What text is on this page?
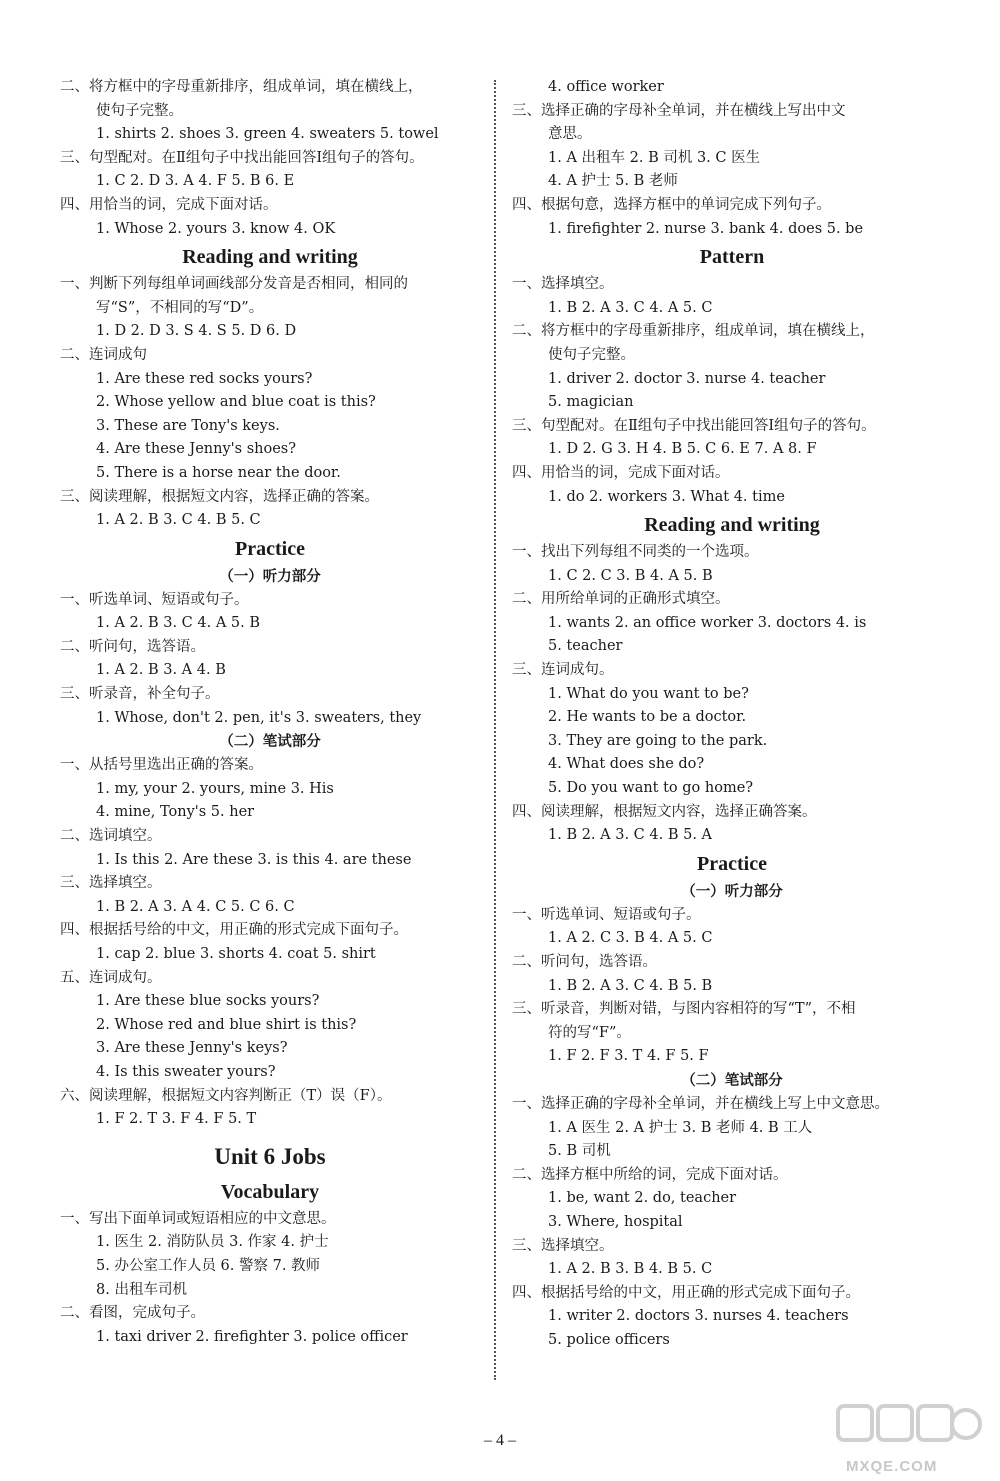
二、将方框中的字母重新排序，组成单词，填在横线上，
使句子完整。
1. shirts 2. shoes 3. green 4. sweaters 5. towel
三、句型配对。在Ⅱ组句子中找出能回答Ⅰ组句子的答句。
1. C 2. D 3. A 4. F 5. B 6. E
四、用恰当的词，完成下面对话。
1. Whose 2. yours 3. know 4. OK
Reading and writing
一、判断下列每组单词画线部分发音是否相同，相同的
写“S”，不相同的写“D”。
1. D 2. D 3. S 4. S 5. D 6. D
二、连词成句
1. Are these red socks yours?
2. Whose yellow and blue coat is this?
3. These are Tony's keys.
4. Are these Jenny's shoes?
5. There is a horse near the door.
三、阅读理解，根据短文内容，选择正确的答案。
1. A 2. B 3. C 4. B 5. C
Practice
（一）听力部分
一、听选单词、短语或句子。
1. A 2. B 3. C 4. A 5. B
二、听问句，选答语。
1. A 2. B 3. A 4. B
三、听录音，补全句子。
1. Whose, don't 2. pen, it's 3. sweaters, they
（二）笔试部分
一、从括号里选出正确的答案。
1. my, your 2. yours, mine 3. His
4. mine, Tony's 5. her
二、选词填空。
1. Is this 2. Are these 3. is this 4. are these
三、选择填空。
1. B 2. A 3. A 4. C 5. C 6. C
四、根据括号给的中文，用正确的形式完成下面句子。
1. cap 2. blue 3. shorts 4. coat 5. shirt
五、连词成句。
1. Are these blue socks yours?
2. Whose red and blue shirt is this?
3. Are these Jenny's keys?
4. Is this sweater yours?
六、阅读理解，根据短文内容判断正（T）误（F）。
1. F 2. T 3. F 4. F 5. T
Unit 6 Jobs
Vocabulary
一、写出下面单词或短语相应的中文意思。
1. 医生 2. 消防队员 3. 作家 4. 护士
5. 办公室工作人员 6. 警察 7. 教师
8. 出租车司机
二、看图，完成句子。
1. taxi driver 2. firefighter 3. police officer
4. office worker
三、选择正确的字母补全单词，并在横线上写出中文
意思。
1. A 出租车 2. B 司机 3. C 医生
4. A 护士 5. B 老师
四、根据句意，选择方框中的单词完成下列句子。
1. firefighter 2. nurse 3. bank 4. does 5. be
Pattern
一、选择填空。
1. B 2. A 3. C 4. A 5. C
二、将方框中的字母重新排序，组成单词，填在横线上，
使句子完整。
1. driver 2. doctor 3. nurse 4. teacher
5. magician
三、句型配对。在Ⅱ组句子中找出能回答Ⅰ组句子的答句。
1. D 2. G 3. H 4. B 5. C 6. E 7. A 8. F
四、用恰当的词，完成下面对话。
1. do 2. workers 3. What 4. time
Reading and writing
一、找出下列每组不同类的一个选项。
1. C 2. C 3. B 4. A 5. B
二、用所给单词的正确形式填空。
1. wants 2. an office worker 3. doctors 4. is
5. teacher
三、连词成句。
1. What do you want to be?
2. He wants to be a doctor.
3. They are going to the park.
4. What does she do?
5. Do you want to go home?
四、阅读理解，根据短文内容，选择正确答案。
1. B 2. A 3. C 4. B 5. A
Practice
（一）听力部分
一、听选单词、短语或句子。
1. A 2. C 3. B 4. A 5. C
二、听问句，选答语。
1. B 2. A 3. C 4. B 5. B
三、听录音，判断对错，与图内容相符的写“T”，不相
符的写“F”。
1. F 2. F 3. T 4. F 5. F
（二）笔试部分
一、选择正确的字母补全单词，并在横线上写上中文意思。
1. A 医生 2. A 护士 3. B 老师 4. B 工人
5. B 司机
二、选择方框中所给的词，完成下面对话。
1. be, want 2. do, teacher
3. Where, hospital
三、选择填空。
1. A 2. B 3. B 4. B 5. C
四、根据括号给的中文，用正确的形式完成下面句子。
1. writer 2. doctors 3. nurses 4. teachers
5. police officers
– 4 –
MXQE.COM
